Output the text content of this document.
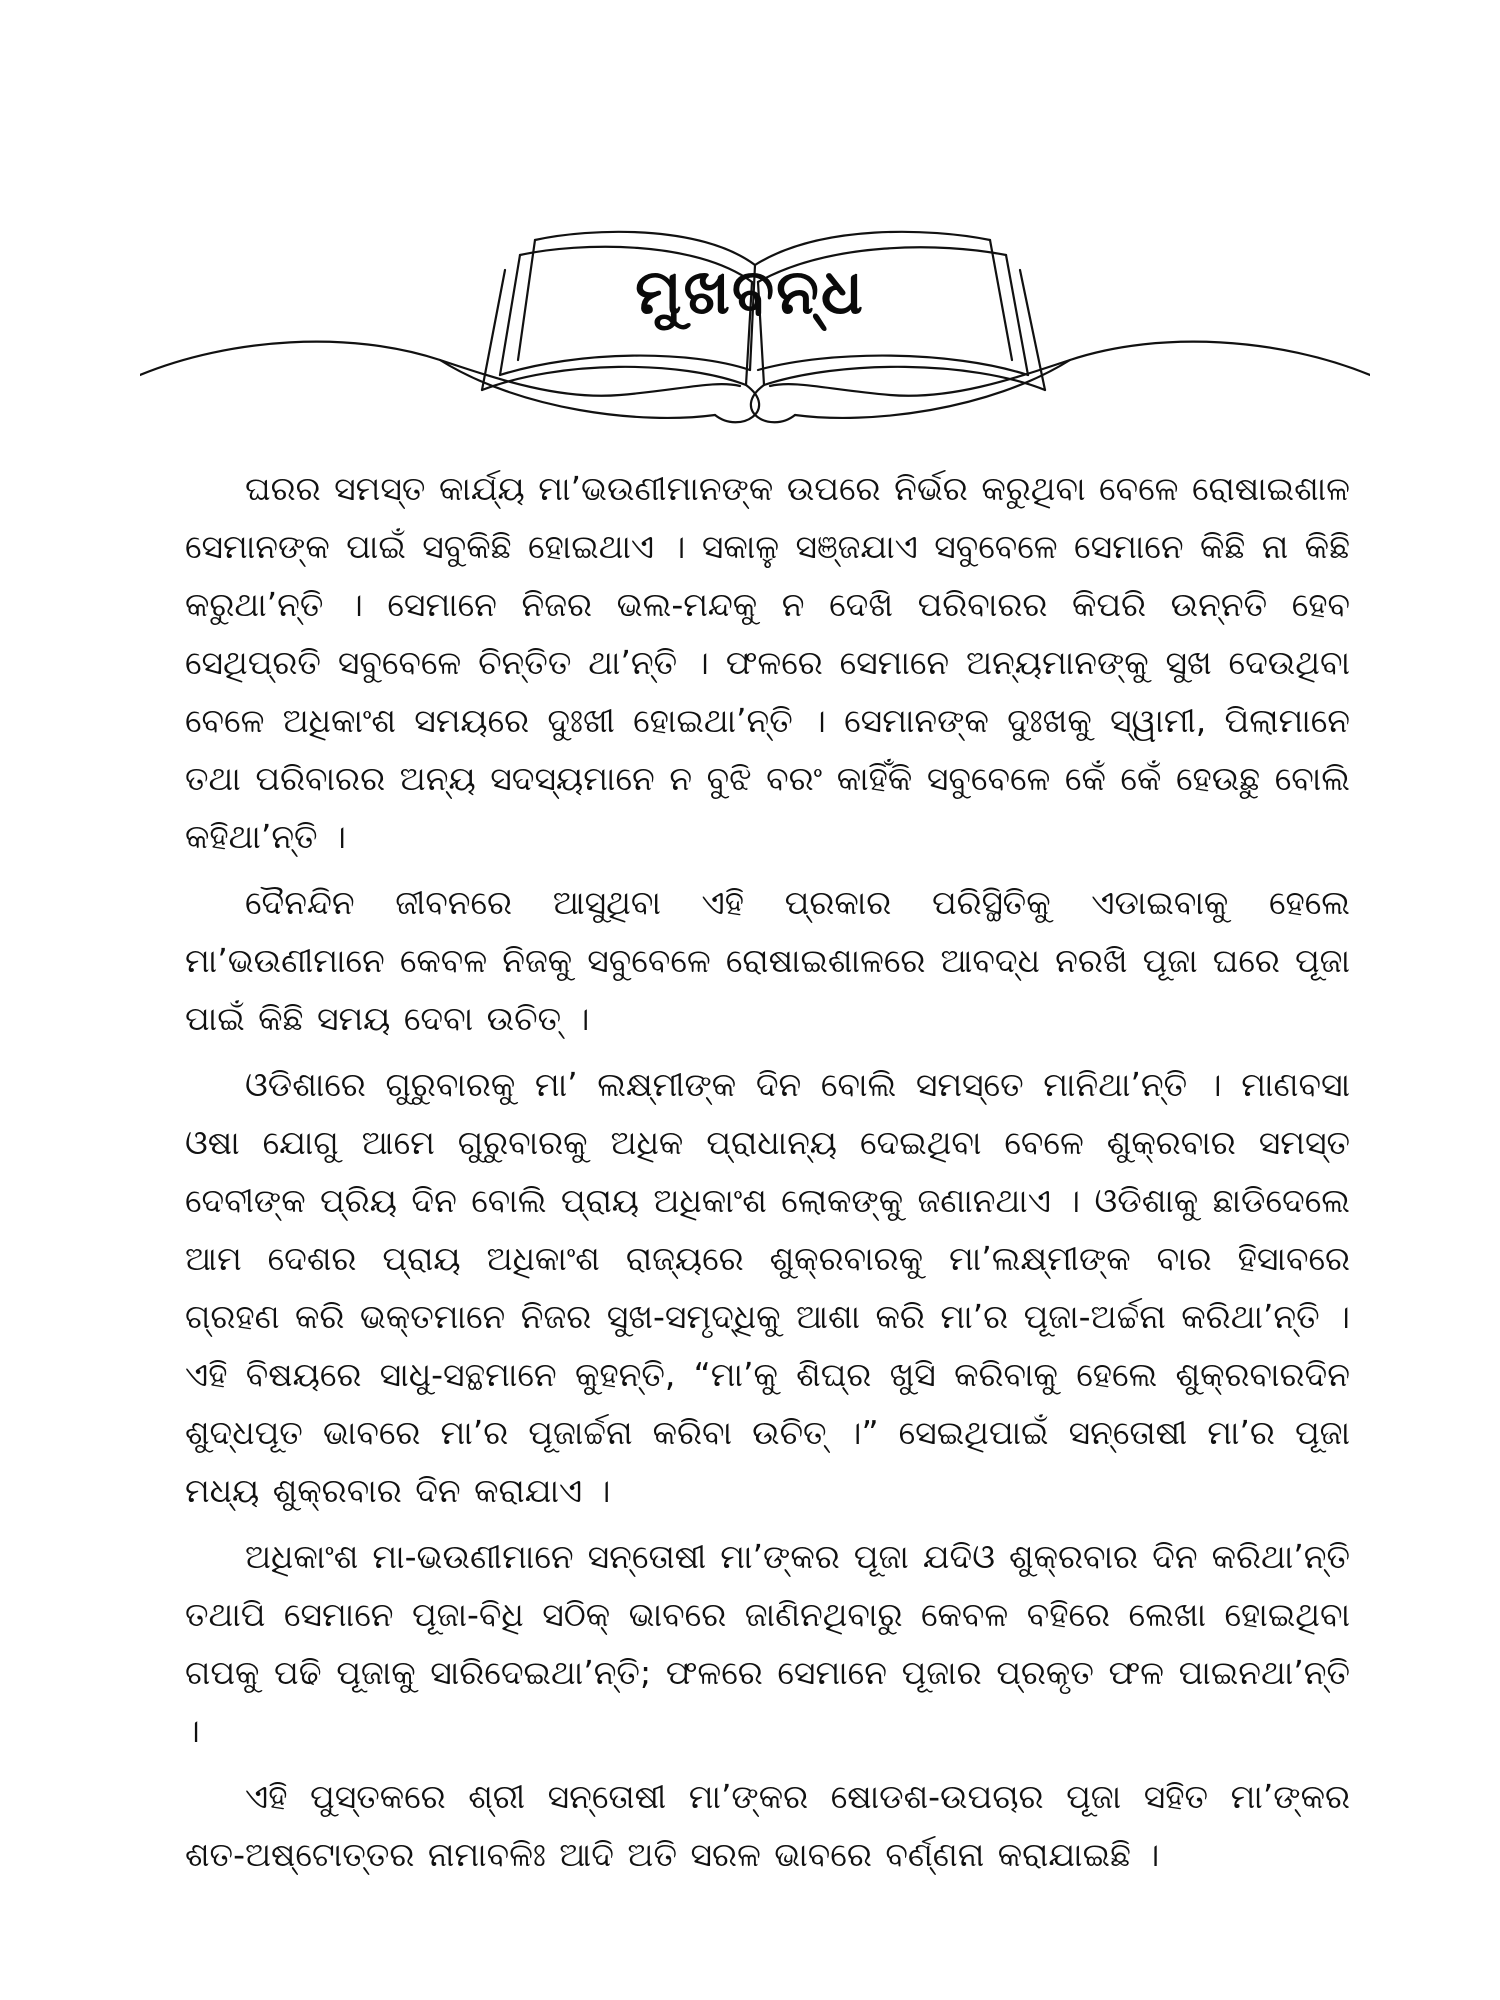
ମୁଖବନ୍ଧ

ଘରର ସମସ୍ତ କାର୍ଯ୍ୟ ମା’ଭଉଣୀମାନଙ୍କ ଉପରେ ନିର୍ଭର କରୁଥିବା ବେଳେ ରୋଷାଇଶାଳ ସେମାନଙ୍କ ପାଇଁ ସବୁକିଛି ହୋଇଥାଏ । ସକାଳୁ ସଞ୍ଜଯାଏ ସବୁବେଳେ ସେମାନେ କିଛି ନା କିଛି କରୁଥା’ନ୍ତି । ସେମାନେ ନିଜର ଭଲ-ମନ୍ଦକୁ ନ ଦେଖି ପରିବାରର କିପରି ଉନ୍ନତି ହେବ ସେଥିପ୍ରତି ସବୁବେଳେ ଚିନ୍ତିତ ଥା’ନ୍ତି । ଫଳରେ ସେମାନେ ଅନ୍ୟମାନଙ୍କୁ ସୁଖ ଦେଉଥିବା ବେଳେ ଅଧିକାଂଶ ସମୟରେ ଦୁଃଖୀ ହୋଇଥା’ନ୍ତି । ସେମାନଙ୍କ ଦୁଃଖକୁ ସ୍ୱାମୀ, ପିଲାମାନେ ତଥା ପରିବାରର ଅନ୍ୟ ସଦସ୍ୟମାନେ ନ ବୁଝି ବରଂ କାହିଁକି ସବୁବେଳେ କେଁ କେଁ ହେଉଛୁ ବୋଲି କହିଥା’ନ୍ତି ।

ଦୈନନ୍ଦିନ ଜୀବନରେ ଆସୁଥିବା ଏହି ପ୍ରକାର ପରିସ୍ଥିତିକୁ ଏଡାଇବାକୁ ହେଲେ ମା’ଭଉଣୀମାନେ କେବଳ ନିଜକୁ ସବୁବେଳେ ରୋଷାଇଶାଳରେ ଆବଦ୍ଧ ନରଖି ପୂଜା ଘରେ ପୂଜା ପାଇଁ କିଛି ସମୟ ଦେବା ଉଚିତ୍ ।

ଓଡିଶାରେ ଗୁରୁବାରକୁ ମା’ ଲକ୍ଷ୍ମୀଙ୍କ ଦିନ ବୋଲି ସମସ୍ତେ ମାନିଥା’ନ୍ତି । ମାଣବସା ଓଷା ଯୋଗୁ ଆମେ ଗୁରୁବାରକୁ ଅଧିକ ପ୍ରାଧାନ୍ୟ ଦେଇଥିବା ବେଳେ ଶୁକ୍ରବାର ସମସ୍ତ ଦେବୀଙ୍କ ପ୍ରିୟ ଦିନ ବୋଲି ପ୍ରାୟ ଅଧିକାଂଶ ଲୋକଙ୍କୁ ଜଣାନଥାଏ । ଓଡିଶାକୁ ଛାଡିଦେଲେ ଆମ ଦେଶର ପ୍ରାୟ ଅଧିକାଂଶ ରାଜ୍ୟରେ ଶୁକ୍ରବାରକୁ ମା’ଲକ୍ଷ୍ମୀଙ୍କ ବାର ହିସାବରେ ଗ୍ରହଣ କରି ଭକ୍ତମାନେ ନିଜର ସୁଖ-ସମୃଦ୍ଧିକୁ ଆଶା କରି ମା’ର ପୂଜା-ଅର୍ଚ୍ଚନା କରିଥା’ନ୍ତି । ଏହି ବିଷୟରେ ସାଧୁ-ସନ୍ଥମାନେ କୁହନ୍ତି, “ମା’କୁ ଶିଘ୍ର ଖୁସି କରିବାକୁ ହେଲେ ଶୁକ୍ରବାରଦିନ ଶୁଦ୍ଧପୂତ ଭାବରେ ମା’ର ପୂଜାର୍ଚ୍ଚନା କରିବା ଉଚିତ୍ ।” ସେଇଥିପାଇଁ ସନ୍ତୋଷୀ ମା’ର ପୂଜା ମଧ୍ୟ ଶୁକ୍ରବାର ଦିନ କରାଯାଏ ।

ଅଧିକାଂଶ ମା-ଭଉଣୀମାନେ ସନ୍ତୋଷୀ ମା’ଙ୍କର ପୂଜା ଯଦିଓ ଶୁକ୍ରବାର ଦିନ କରିଥା’ନ୍ତି ତଥାପି ସେମାନେ ପୂଜା-ବିଧି ସଠିକ୍ ଭାବରେ ଜାଣିନଥିବାରୁ କେବଳ ବହିରେ ଲେଖା ହୋଇଥିବା ଗପକୁ ପଢି ପୂଜାକୁ ସାରିଦେଇଥା’ନ୍ତି; ଫଳରେ ସେମାନେ ପୂଜାର ପ୍ରକୃତ ଫଳ ପାଇନଥା’ନ୍ତି ।

ଏହି ପୁସ୍ତକରେ ଶ୍ରୀ ସନ୍ତୋଷୀ ମା’ଙ୍କର ଷୋଡଶ-ଉପଚାର ପୂଜା ସହିତ ମା’ଙ୍କର ଶତ-ଅଷ୍ଟୋତ୍ତର ନାମାବଳିଃ ଆଦି ଅତି ସରଳ ଭାବରେ ବର୍ଣ୍ଣନା କରାଯାଇଛି ।
